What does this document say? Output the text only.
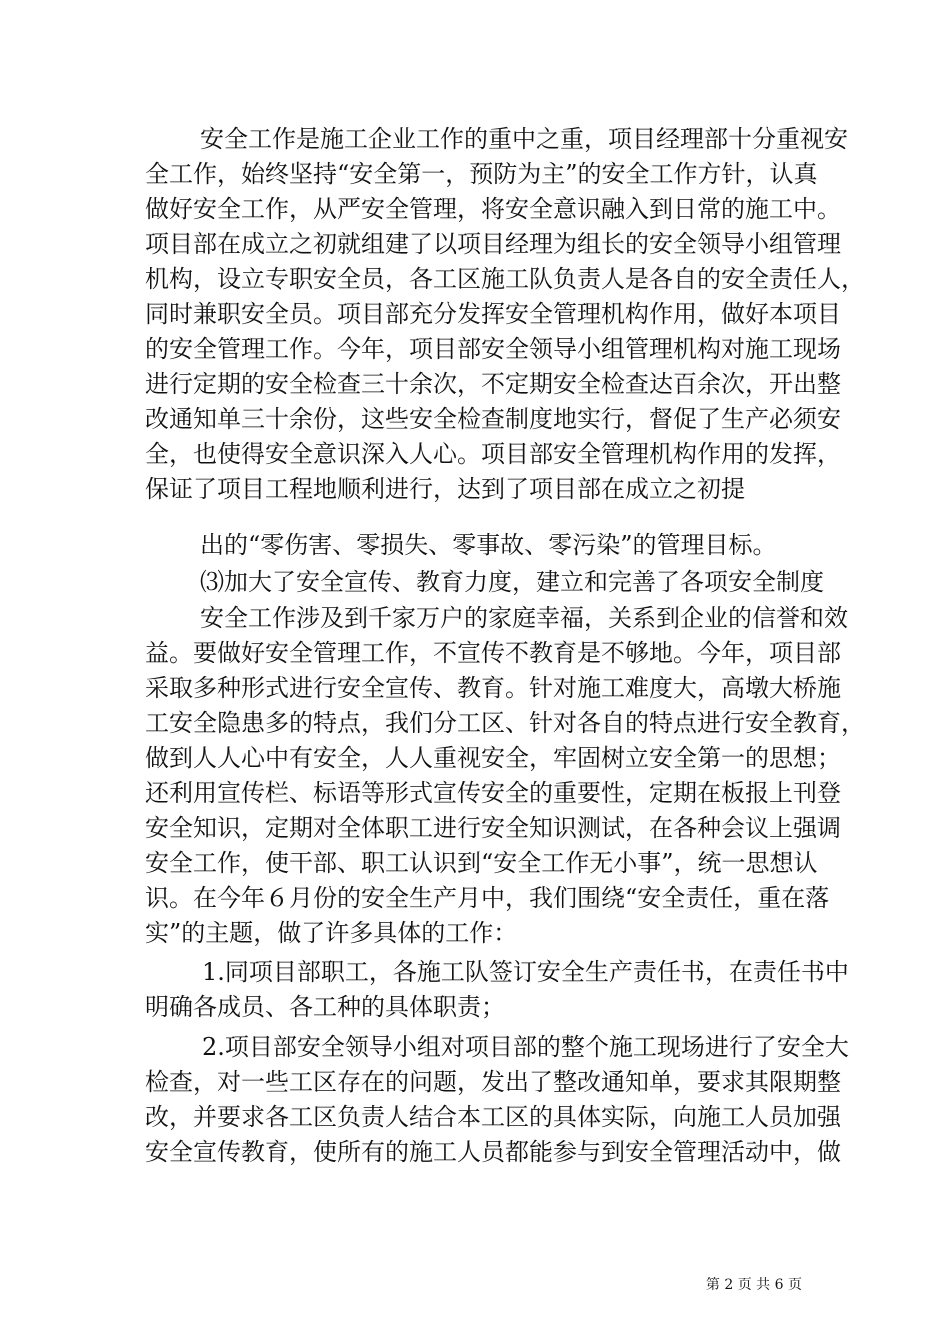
安全工作是施工企业工作的重中之重，项目经理部十分重视安
全工作，始终坚持“安全第一，预防为主”的安全工作方针，认真
做好安全工作，从严安全管理，将安全意识融入到日常的施工中。
项目部在成立之初就组建了以项目经理为组长的安全领导小组管理
机构，设立专职安全员，各工区施工队负责人是各自的安全责任人，
同时兼职安全员。项目部充分发挥安全管理机构作用，做好本项目
的安全管理工作。今年，项目部安全领导小组管理机构对施工现场
进行定期的安全检查三十余次，不定期安全检查达百余次，开出整
改通知单三十余份，这些安全检查制度地实行，督促了生产必须安
全，也使得安全意识深入人心。项目部安全管理机构作用的发挥，
保证了项目工程地顺利进行，达到了项目部在成立之初提
出的“零伤害、零损失、零事故、零污染”的管理目标。
⑶加大了安全宣传、教育力度，建立和完善了各项安全制度
安全工作涉及到千家万户的家庭幸福，关系到企业的信誉和效
益。要做好安全管理工作，不宣传不教育是不够地。今年，项目部
采取多种形式进行安全宣传、教育。针对施工难度大，高墩大桥施
工安全隐患多的特点，我们分工区、针对各自的特点进行安全教育，
做到人人心中有安全，人人重视安全，牢固树立安全第一的思想；
还利用宣传栏、标语等形式宣传安全的重要性，定期在板报上刊登
安全知识，定期对全体职工进行安全知识测试，在各种会议上强调
安全工作，使干部、职工认识到“安全工作无小事”，统一思想认
识。在今年６月份的安全生产月中，我们围绕“安全责任，重在落
实”的主题，做了许多具体的工作：
1.同项目部职工，各施工队签订安全生产责任书，在责任书中
明确各成员、各工种的具体职责；
2.项目部安全领导小组对项目部的整个施工现场进行了安全大
检查，对一些工区存在的问题，发出了整改通知单，要求其限期整
改，并要求各工区负责人结合本工区的具体实际，向施工人员加强
安全宣传教育，使所有的施工人员都能参与到安全管理活动中，做
第 2 页 共 6 页
